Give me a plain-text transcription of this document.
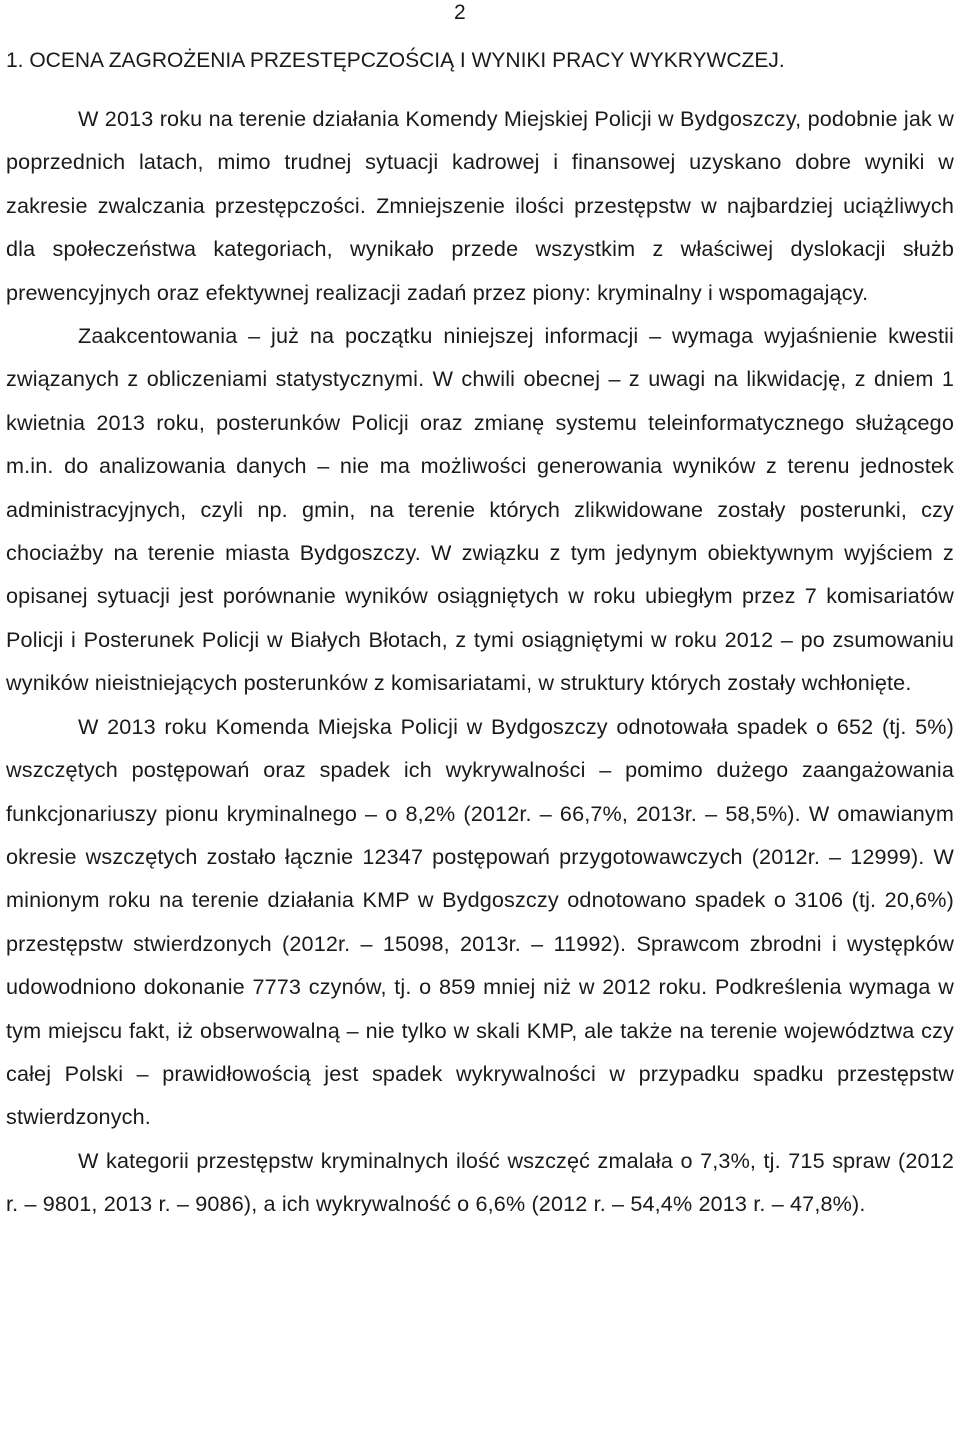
2
1. OCENA ZAGROŻENIA PRZESTĘPCZOŚCIĄ I WYNIKI PRACY WYKRYWCZEJ.

W 2013 roku na terenie działania Komendy Miejskiej Policji w Bydgoszczy, podobnie jak w poprzednich latach, mimo trudnej sytuacji kadrowej i finansowej uzyskano dobre wyniki w zakresie zwalczania przestępczości. Zmniejszenie ilości przestępstw w najbardziej uciążliwych dla społeczeństwa kategoriach, wynikało przede wszystkim z właściwej dyslokacji służb prewencyjnych oraz efektywnej realizacji zadań przez piony: kryminalny i wspomagający.

Zaakcentowania – już na początku niniejszej informacji – wymaga wyjaśnienie kwestii związanych z obliczeniami statystycznymi. W chwili obecnej – z uwagi na likwidację, z dniem 1 kwietnia 2013 roku, posterunków Policji oraz zmianę systemu teleinformatycznego służącego m.in. do analizowania danych – nie ma możliwości generowania wyników z terenu jednostek administracyjnych, czyli np. gmin, na terenie których zlikwidowane zostały posterunki, czy chociażby na terenie miasta Bydgoszczy. W związku z tym jedynym obiektywnym wyjściem z opisanej sytuacji jest porównanie wyników osiągniętych w roku ubiegłym przez 7 komisariatów Policji i Posterunek Policji w Białych Błotach, z tymi osiągniętymi w roku 2012 – po zsumowaniu wyników nieistniejących posterunków z komisariatami, w struktury których zostały wchłonięte.

W 2013 roku Komenda Miejska Policji w Bydgoszczy odnotowała spadek o 652 (tj. 5%) wszczętych postępowań oraz spadek ich wykrywalności – pomimo dużego zaangażowania funkcjonariuszy pionu kryminalnego – o 8,2% (2012r. – 66,7%, 2013r. – 58,5%). W omawianym okresie wszczętych zostało łącznie 12347 postępowań przygotowawczych (2012r. – 12999). W minionym roku na terenie działania KMP w Bydgoszczy odnotowano spadek o 3106 (tj. 20,6%) przestępstw stwierdzonych (2012r. – 15098, 2013r. – 11992). Sprawcom zbrodni i występków udowodniono dokonanie 7773 czynów, tj. o 859 mniej niż w 2012 roku. Podkreślenia wymaga w tym miejscu fakt, iż obserwowalną – nie tylko w skali KMP, ale także na terenie województwa czy całej Polski – prawidłowością jest spadek wykrywalności w przypadku spadku przestępstw stwierdzonych.

W kategorii przestępstw kryminalnych ilość wszczęć zmalała o 7,3%, tj. 715 spraw (2012 r. – 9801, 2013 r. – 9086), a ich wykrywalność o 6,6% (2012 r. – 54,4% 2013 r. – 47,8%).
